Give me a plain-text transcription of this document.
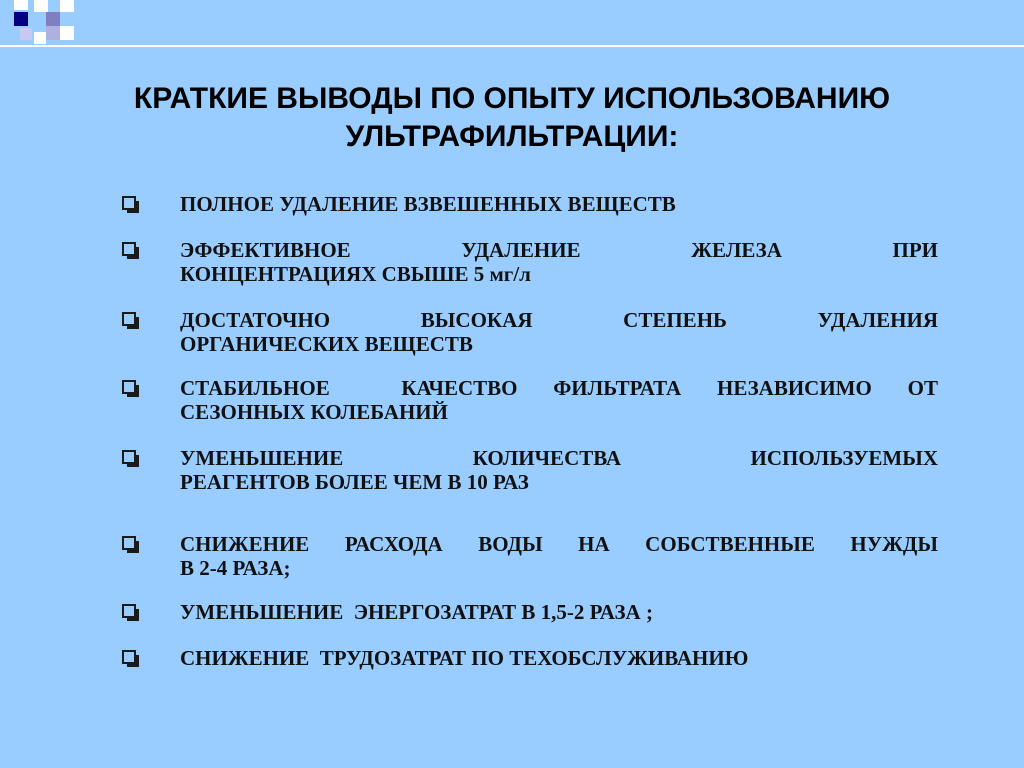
КРАТКИЕ ВЫВОДЫ ПО ОПЫТУ ИСПОЛЬЗОВАНИЮ
УЛЬТРАФИЛЬТРАЦИИ:
ПОЛНОЕ УДАЛЕНИЕ ВЗВЕШЕННЫХ ВЕЩЕСТВ
ЭФФЕКТИВНОЕ УДАЛЕНИЕ ЖЕЛЕЗА ПРИ
КОНЦЕНТРАЦИЯХ СВЫШЕ 5 мг/л
ДОСТАТОЧНО ВЫСОКАЯ СТЕПЕНЬ УДАЛЕНИЯ
ОРГАНИЧЕСКИХ ВЕЩЕСТВ
СТАБИЛЬНОЕ  КАЧЕСТВО ФИЛЬТРАТА НЕЗАВИСИМО ОТ
СЕЗОННЫХ КОЛЕБАНИЙ
УМЕНЬШЕНИЕ КОЛИЧЕСТВА ИСПОЛЬЗУЕМЫХ
РЕАГЕНТОВ БОЛЕЕ ЧЕМ В 10 РАЗ
СНИЖЕНИЕ РАСХОДА ВОДЫ НА СОБСТВЕННЫЕ НУЖДЫ
В 2-4 РАЗА;
УМЕНЬШЕНИЕ  ЭНЕРГОЗАТРАТ В 1,5-2 РАЗА ;
СНИЖЕНИЕ  ТРУДОЗАТРАТ ПО ТЕХОБСЛУЖИВАНИЮ
